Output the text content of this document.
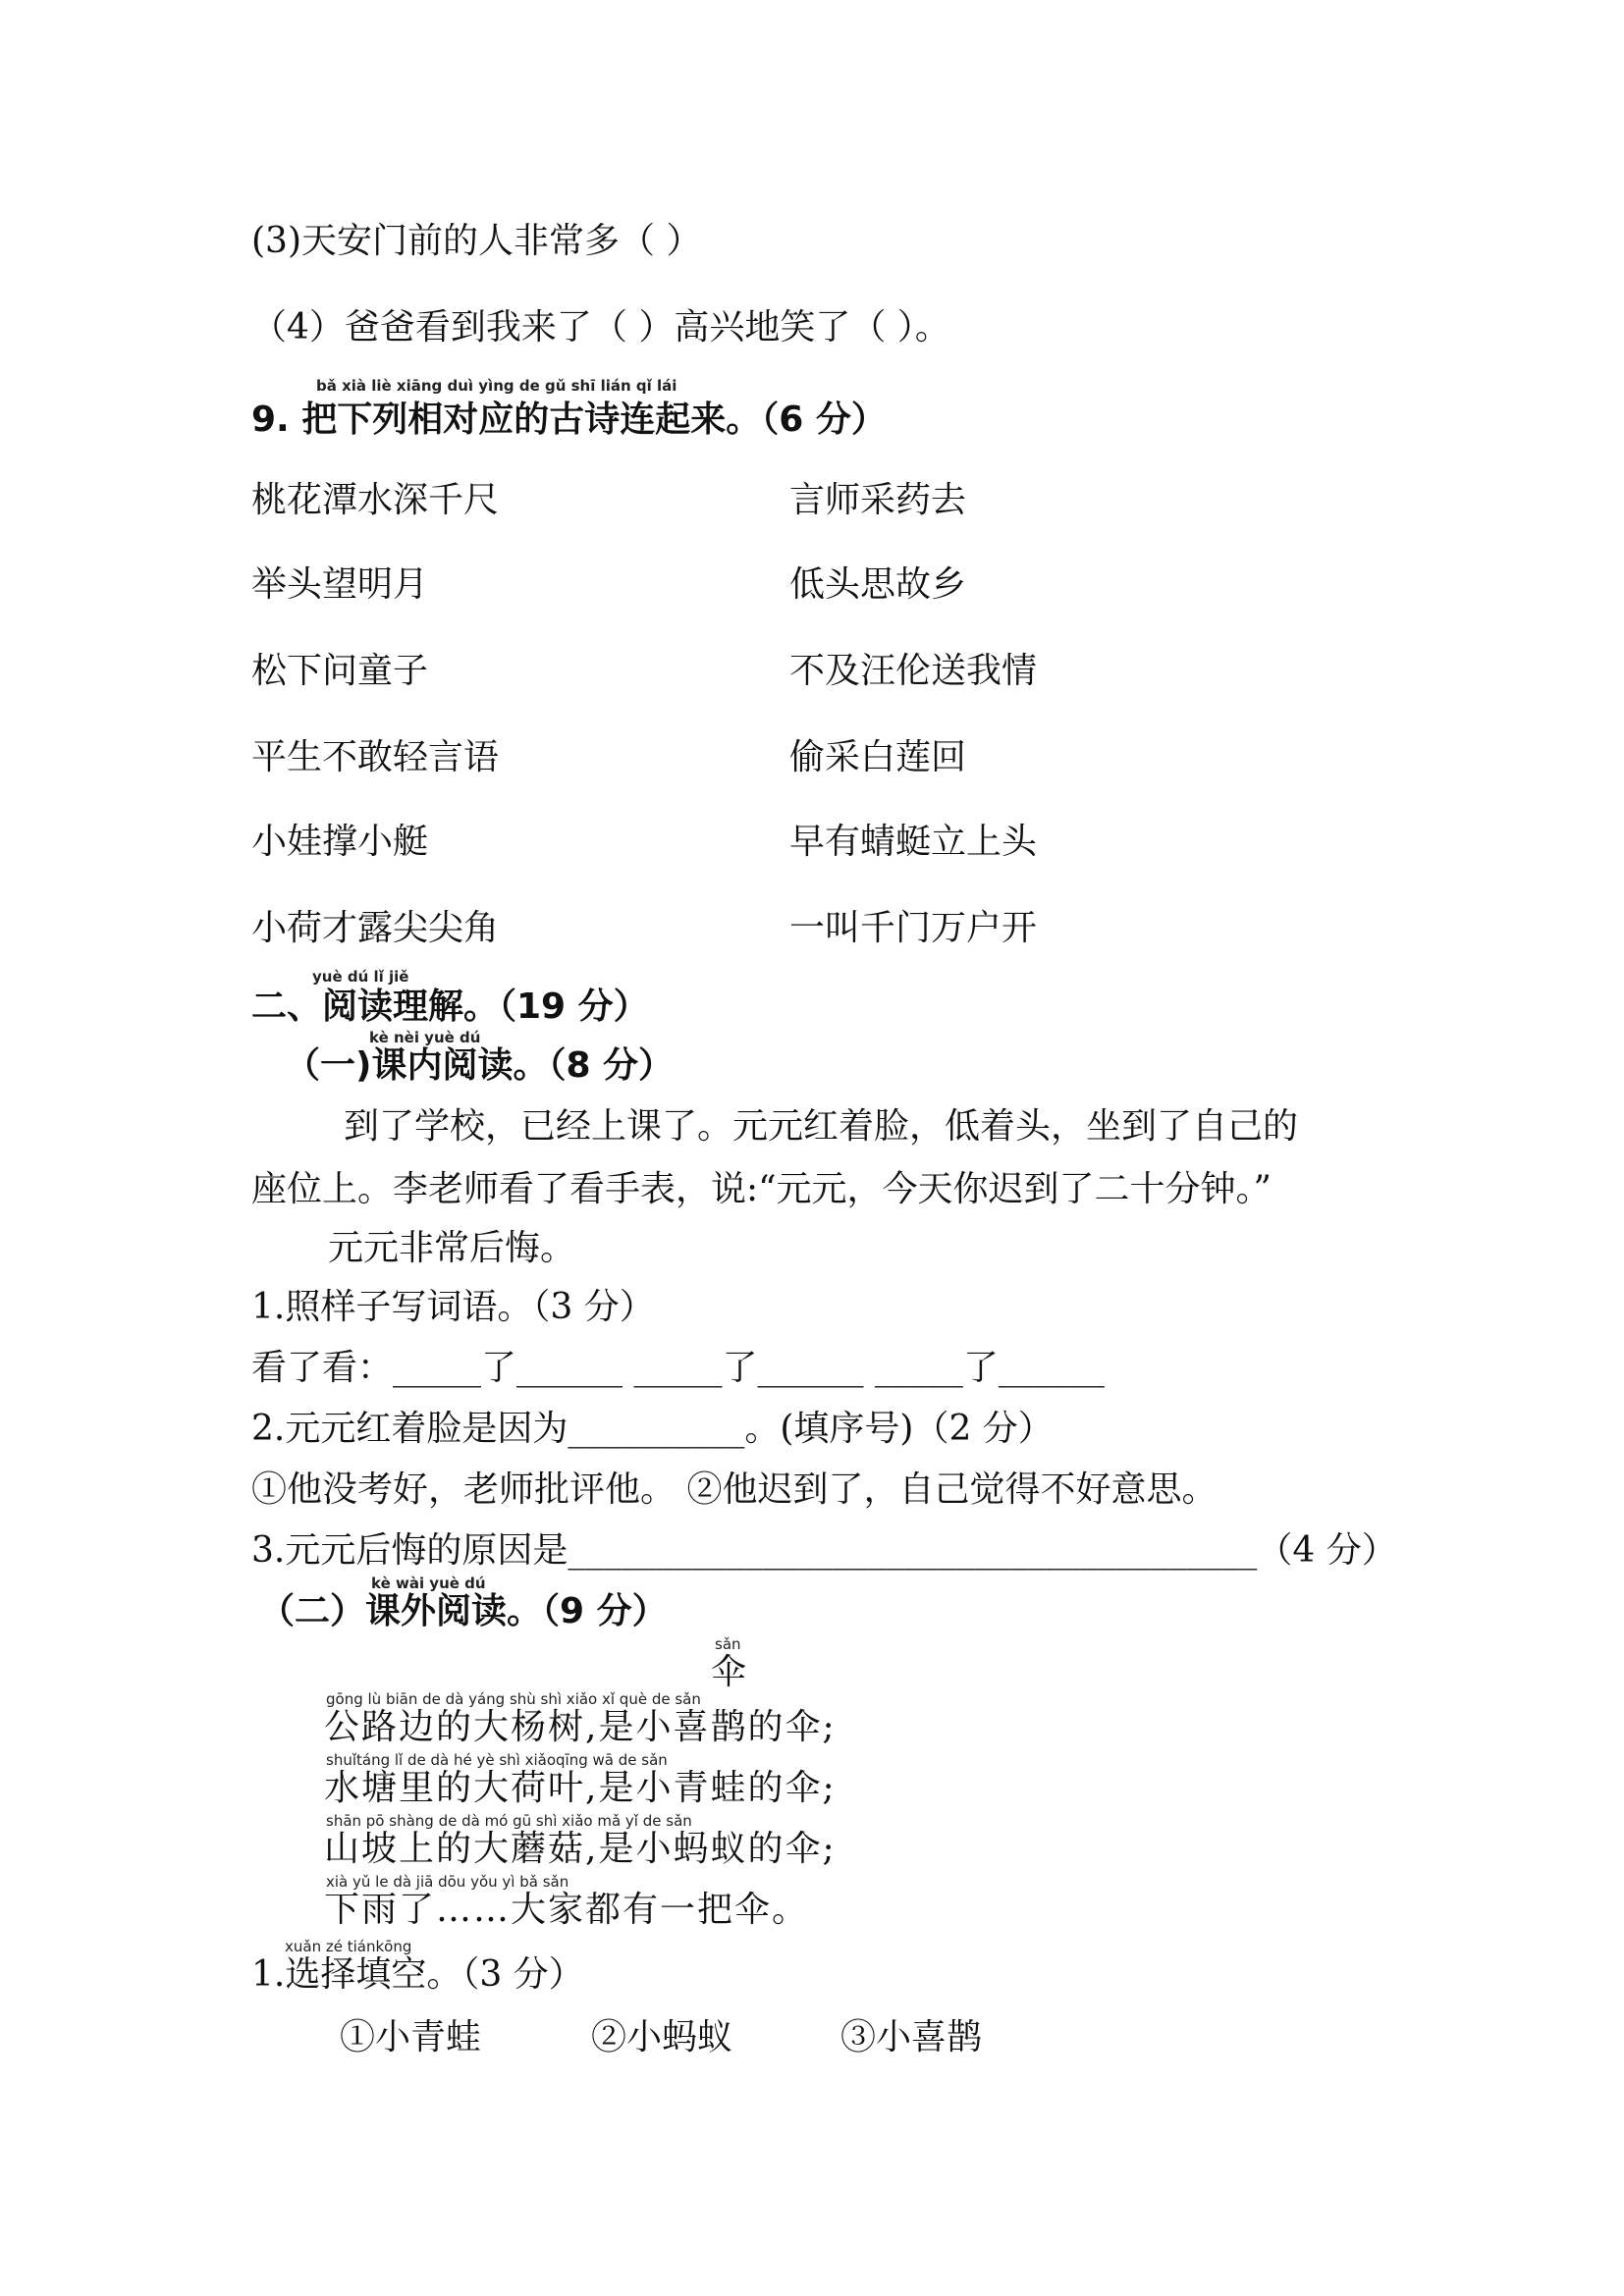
(3)天安门前的人非常多（ ）
（4）爸爸看到我来了（ ）高兴地笑了（ ）。
bǎ xià liè xiāng duì yìng de gǔ shī lián qǐ lái
9. 把下列相对应的古诗连起来。（6 分）
桃花潭水深千尺
举头望明月
松下问童子
平生不敢轻言语
小娃撑小艇
小荷才露尖尖角
言师采药去
低头思故乡
不及汪伦送我情
偷采白莲回
早有蜻蜓立上头
一叫千门万户开
yuè dú lǐ jiě
二、阅读理解。（19 分）
kè nèi yuè dú
（一)课内阅读。（8 分）
到了学校，已经上课了。元元红着脸，低着头，坐到了自己的
座位上。李老师看了看手表，说:“元元，今天你迟到了二十分钟。”
元元非常后悔。
1.照样子写词语。（3 分）
看了看：_____了______ _____了______ _____了______
2.元元红着脸是因为__________。(填序号)（2 分）
①他没考好，老师批评他。 ②他迟到了，自己觉得不好意思。
3.元元后悔的原因是_______________________________________（4 分）
kè wài yuè dú
（二）课外阅读。（9 分）
sǎn
伞
gōng lù biān de dà yáng shù shì xiǎo xǐ què de sǎn
公路边的大杨树,是小喜鹊的伞;
shuǐtáng lǐ de dà hé yè shì xiǎoqīng wā de sǎn
水塘里的大荷叶,是小青蛙的伞;
shān pō shàng de dà mó gū shì xiǎo mǎ yǐ de sǎn
山坡上的大蘑菇,是小蚂蚁的伞;
xià yǔ le dà jiā dōu yǒu yì bǎ sǎn
下雨了……大家都有一把伞。
xuǎn zé tiánkōng
1.选择填空。（3 分）
①小青蛙	②小蚂蚁	③小喜鹊
